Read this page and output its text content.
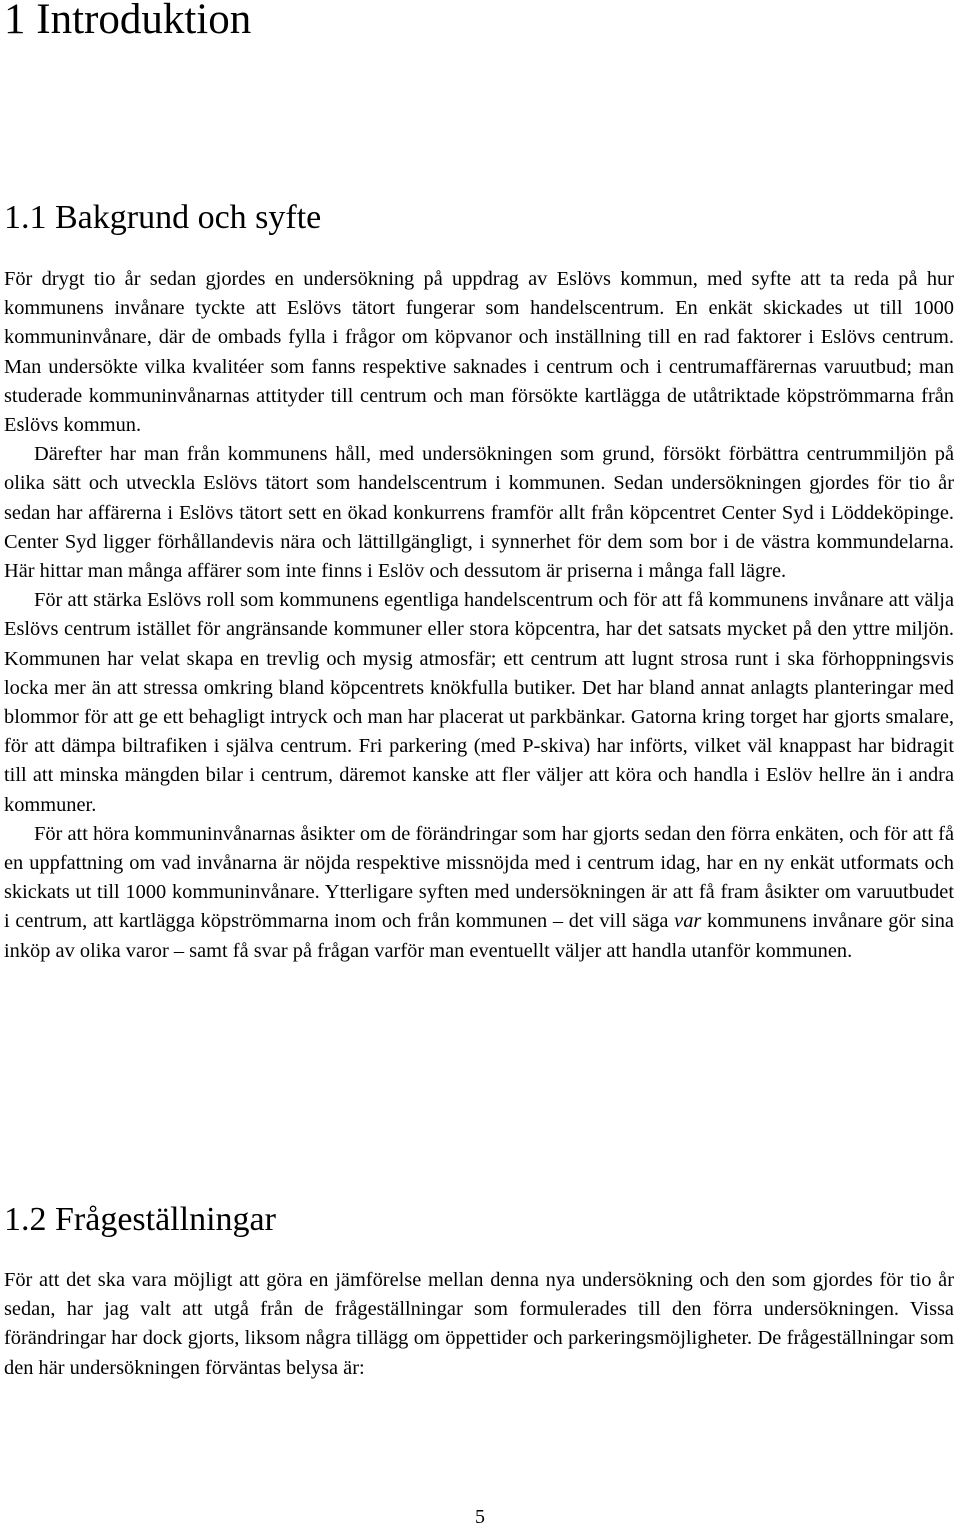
1 Introduktion
1.1 Bakgrund och syfte

För drygt tio år sedan gjordes en undersökning på uppdrag av Eslövs kommun, med syfte att ta reda på hur kommunens invånare tyckte att Eslövs tätort fungerar som handelscentrum. En enkät skickades ut till 1000 kommuninvånare, där de ombads fylla i frågor om köpvanor och inställning till en rad faktorer i Eslövs centrum. Man undersökte vilka kvalitéer som fanns respektive saknades i centrum och i centrumaffärernas varuutbud; man studerade kommuninvånarnas attityder till centrum och man försökte kartlägga de utåtriktade köpströmmarna från Eslövs kommun.

Därefter har man från kommunens håll, med undersökningen som grund, försökt förbättra centrummiljön på olika sätt och utveckla Eslövs tätort som handelscentrum i kommunen. Sedan undersökningen gjordes för tio år sedan har affärerna i Eslövs tätort sett en ökad konkurrens framför allt från köpcentret Center Syd i Löddeköpinge. Center Syd ligger förhållandevis nära och lättillgängligt, i synnerhet för dem som bor i de västra kommundelarna. Här hittar man många affärer som inte finns i Eslöv och dessutom är priserna i många fall lägre.

För att stärka Eslövs roll som kommunens egentliga handelscentrum och för att få kommunens invånare att välja Eslövs centrum istället för angränsande kommuner eller stora köpcentra, har det satsats mycket på den yttre miljön. Kommunen har velat skapa en trevlig och mysig atmosfär; ett centrum att lugnt strosa runt i ska förhoppningsvis locka mer än att stressa omkring bland köpcentrets knökfulla butiker. Det har bland annat anlagts planteringar med blommor för att ge ett behagligt intryck och man har placerat ut parkbänkar. Gatorna kring torget har gjorts smalare, för att dämpa biltrafiken i själva centrum. Fri parkering (med P-skiva) har införts, vilket väl knappast har bidragit till att minska mängden bilar i centrum, däremot kanske att fler väljer att köra och handla i Eslöv hellre än i andra kommuner.

För att höra kommuninvånarnas åsikter om de förändringar som har gjorts sedan den förra enkäten, och för att få en uppfattning om vad invånarna är nöjda respektive missnöjda med i centrum idag, har en ny enkät utformats och skickats ut till 1000 kommuninvånare. Ytterligare syften med undersökningen är att få fram åsikter om varuutbudet i centrum, att kartlägga köpströmmarna inom och från kommunen – det vill säga var kommunens invånare gör sina inköp av olika varor – samt få svar på frågan varför man eventuellt väljer att handla utanför kommunen.

1.2 Frågeställningar

För att det ska vara möjligt att göra en jämförelse mellan denna nya undersökning och den som gjordes för tio år sedan, har jag valt att utgå från de frågeställningar som formulerades till den förra undersökningen. Vissa förändringar har dock gjorts, liksom några tillägg om öppettider och parkeringsmöjligheter. De frågeställningar som den här undersökningen förväntas belysa är:

5
